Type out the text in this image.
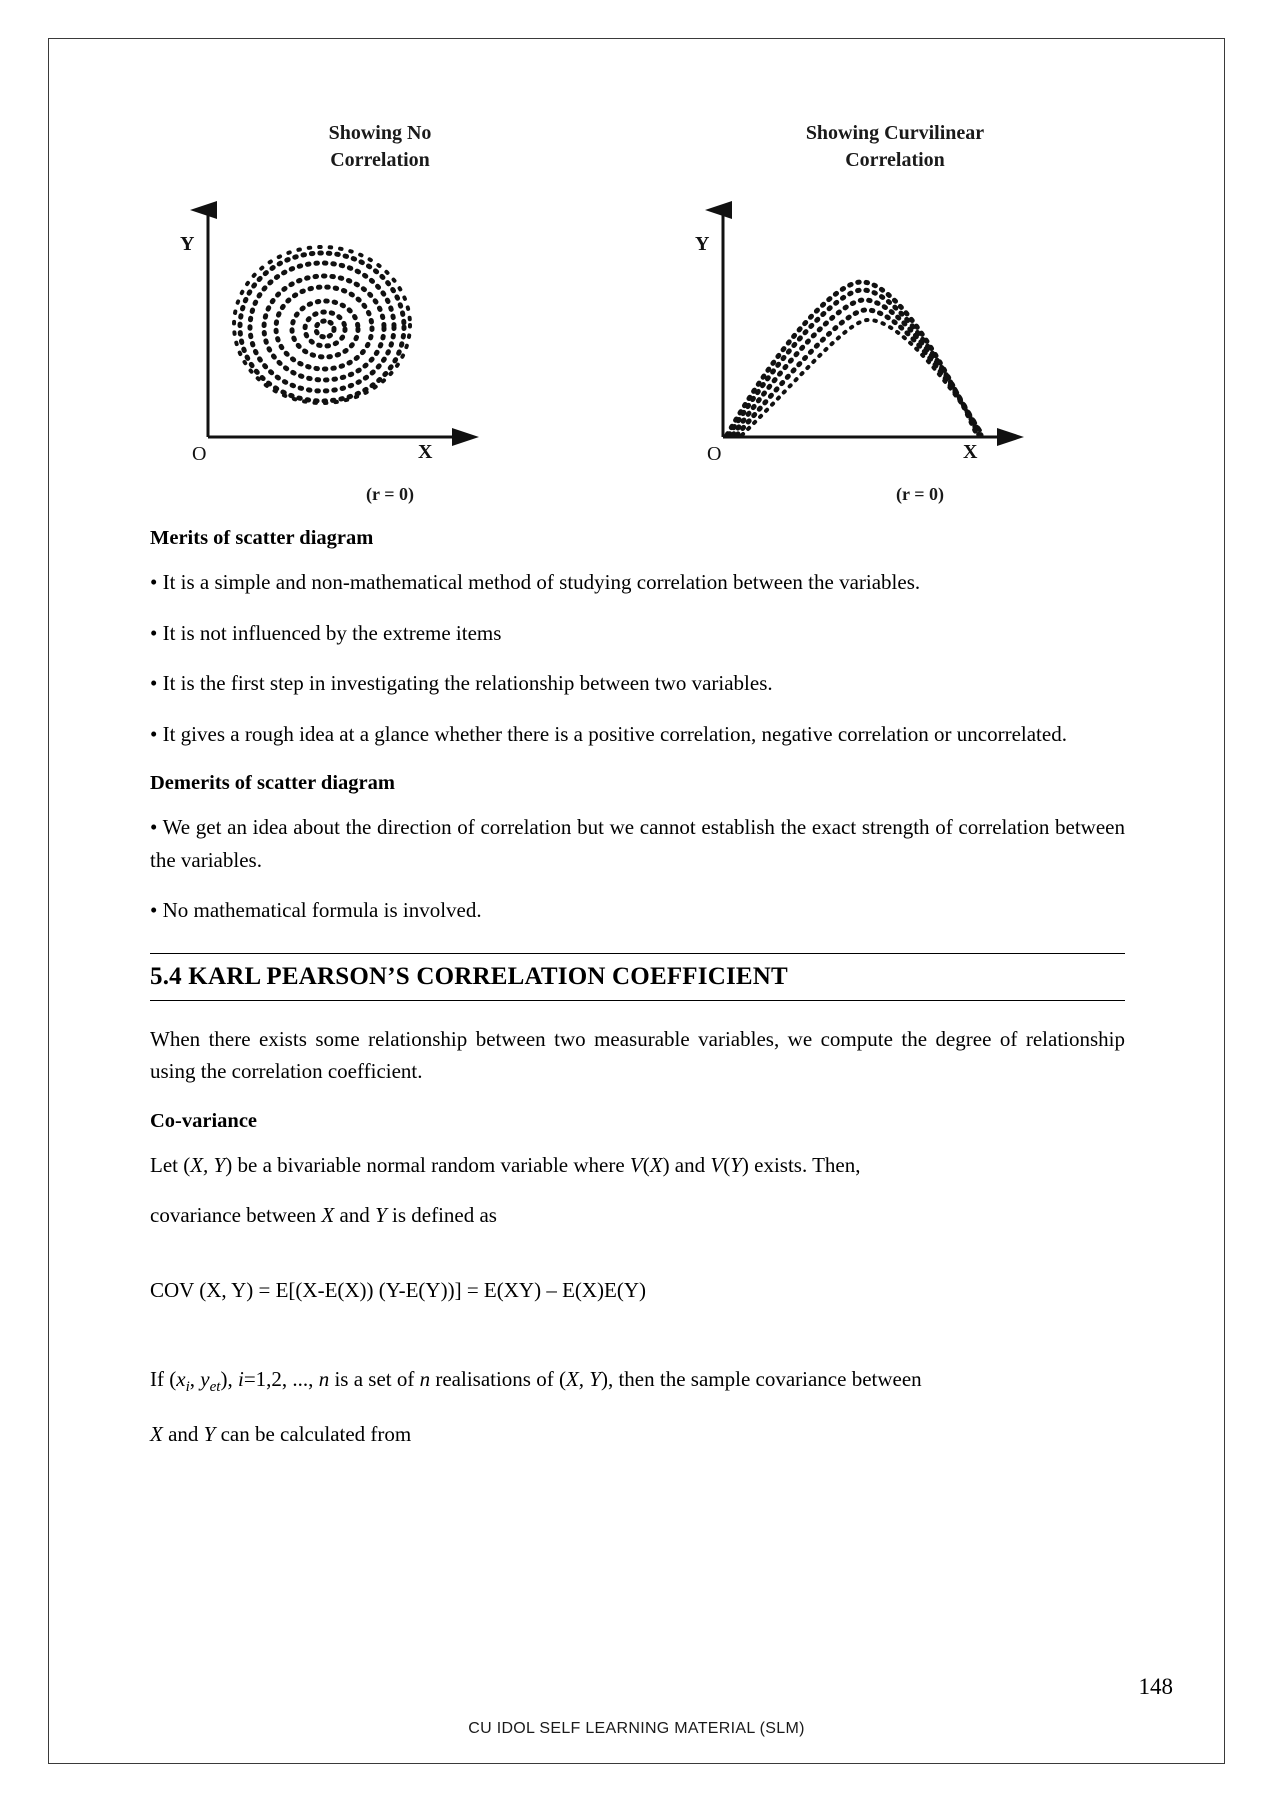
Showing No
Correlation
Y
X
O
(r = 0)
Showing Curvilinear
Correlation
Y
X
O
(r = 0)
Merits of scatter diagram

• It is a simple and non-mathematical method of studying correlation between the variables.

• It is not influenced by the extreme items

• It is the first step in investigating the relationship between two variables.

• It gives a rough idea at a glance whether there is a positive correlation, negative correlation or uncorrelated.

Demerits of scatter diagram

• We get an idea about the direction of correlation but we cannot establish the exact strength of correlation between the variables.

• No mathematical formula is involved.

5.4 KARL PEARSON’S CORRELATION COEFFICIENT

When there exists some relationship between two measurable variables, we compute the degree of relationship using the correlation coefficient.

Co-variance

Let (X, Y) be a bivariable normal random variable where V(X) and V(Y) exists. Then,

covariance between X and Y is defined as

COV (X, Y) = E[(X-E(X)) (Y-E(Y))] = E(XY) – E(X)E(Y)

If ($x_i$, $y_{et}$), i=1,2, ..., n is a set of n realisations of (X, Y), then the sample covariance between

X and Y can be calculated from

148
CU IDOL SELF LEARNING MATERIAL (SLM)
